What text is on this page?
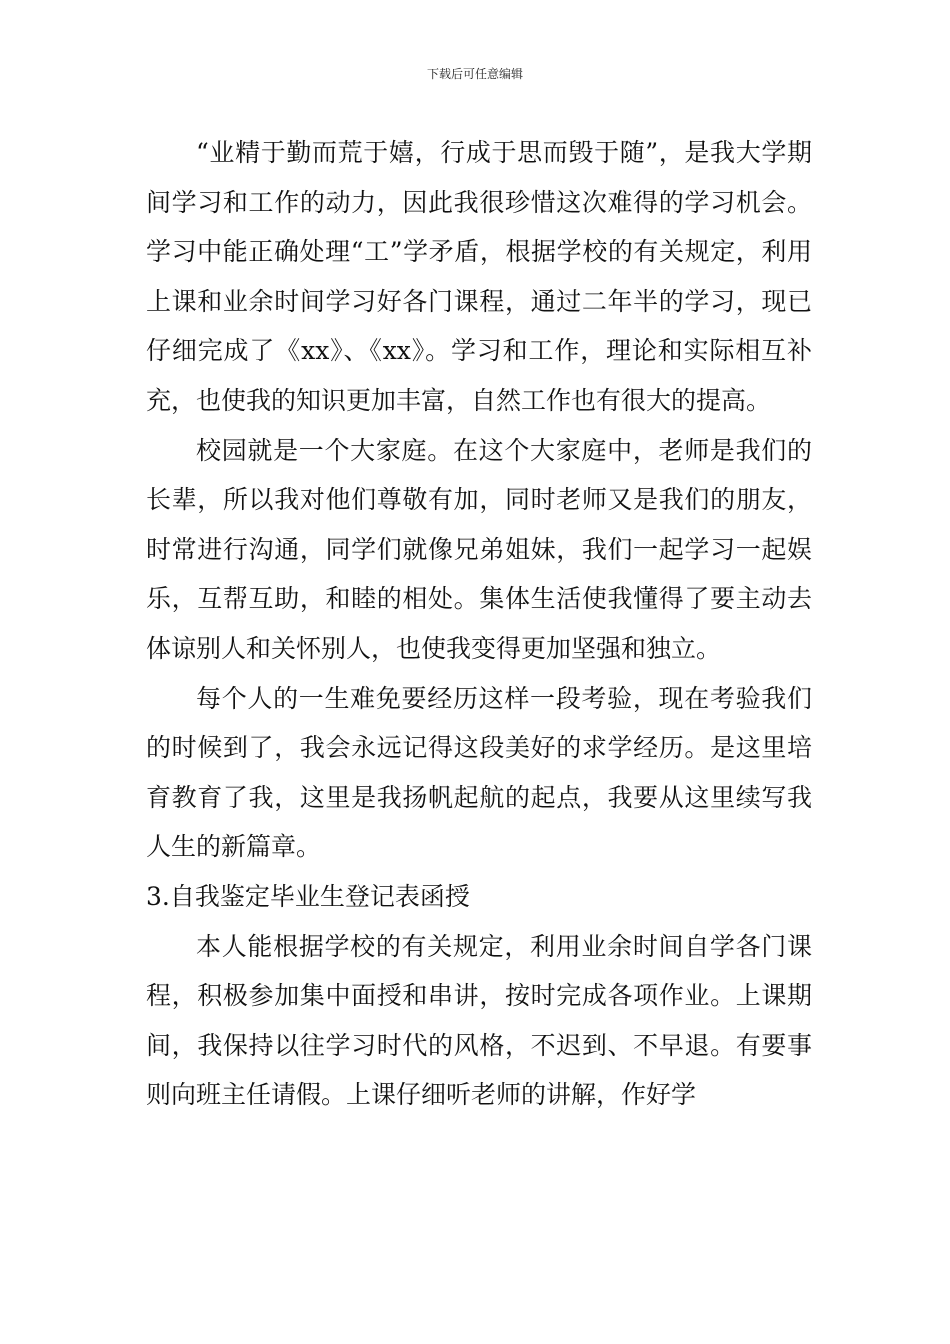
下载后可任意编辑

“业精于勤而荒于嬉，行成于思而毁于随”，是我大学期间学习和工作的动力，因此我很珍惜这次难得的学习机会。学习中能正确处理“工”学矛盾，根据学校的有关规定，利用上课和业余时间学习好各门课程，通过二年半的学习，现已仔细完成了《xx》、《xx》。学习和工作，理论和实际相互补充，也使我的知识更加丰富，自然工作也有很大的提高。

校园就是一个大家庭。在这个大家庭中，老师是我们的长辈，所以我对他们尊敬有加，同时老师又是我们的朋友，时常进行沟通，同学们就像兄弟姐妹，我们一起学习一起娱乐，互帮互助，和睦的相处。集体生活使我懂得了要主动去体谅别人和关怀别人，也使我变得更加坚强和独立。

每个人的一生难免要经历这样一段考验，现在考验我们的时候到了，我会永远记得这段美好的求学经历。是这里培育教育了我，这里是我扬帆起航的起点，我要从这里续写我人生的新篇章。

3.自我鉴定毕业生登记表函授

本人能根据学校的有关规定，利用业余时间自学各门课程，积极参加集中面授和串讲，按时完成各项作业。上课期间，我保持以往学习时代的风格，不迟到、不早退。有要事则向班主任请假。上课仔细听老师的讲解，作好学
